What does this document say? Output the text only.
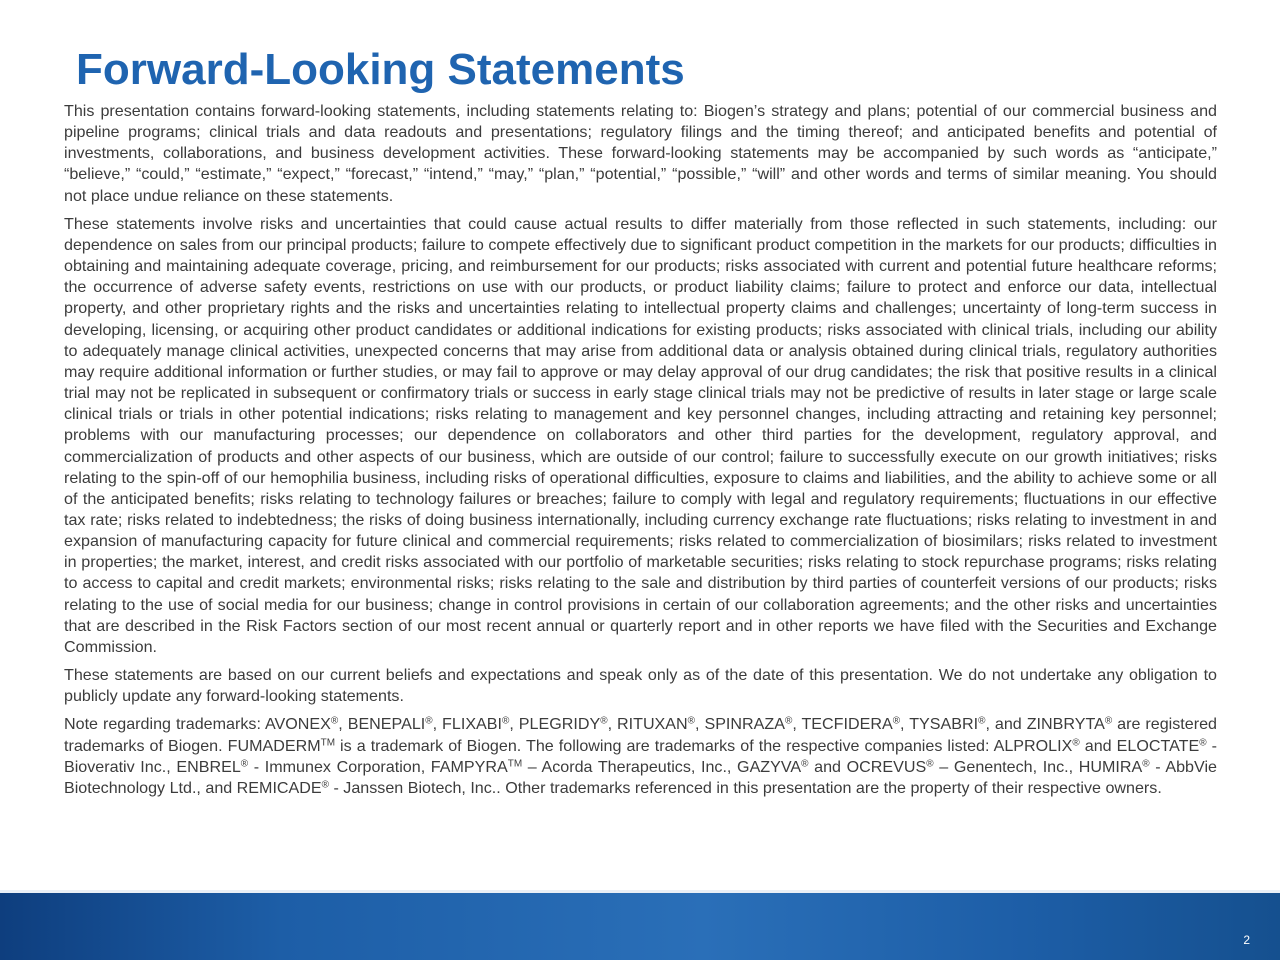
Forward-Looking Statements

This presentation contains forward-looking statements, including statements relating to: Biogen’s strategy and plans; potential of our commercial business and pipeline programs; clinical trials and data readouts and presentations; regulatory filings and the timing thereof; and anticipated benefits and potential of investments, collaborations, and business development activities. These forward-looking statements may be accompanied by such words as “anticipate,” “believe,” “could,” “estimate,” “expect,” “forecast,” “intend,” “may,” “plan,” “potential,” “possible,” “will” and other words and terms of similar meaning. You should not place undue reliance on these statements.

These statements involve risks and uncertainties that could cause actual results to differ materially from those reflected in such statements, including: our dependence on sales from our principal products; failure to compete effectively due to significant product competition in the markets for our products; difficulties in obtaining and maintaining adequate coverage, pricing, and reimbursement for our products; risks associated with current and potential future healthcare reforms; the occurrence of adverse safety events, restrictions on use with our products, or product liability claims; failure to protect and enforce our data, intellectual property, and other proprietary rights and the risks and uncertainties relating to intellectual property claims and challenges; uncertainty of long-term success in developing, licensing, or acquiring other product candidates or additional indications for existing products; risks associated with clinical trials, including our ability to adequately manage clinical activities, unexpected concerns that may arise from additional data or analysis obtained during clinical trials, regulatory authorities may require additional information or further studies, or may fail to approve or may delay approval of our drug candidates; the risk that positive results in a clinical trial may not be replicated in subsequent or confirmatory trials or success in early stage clinical trials may not be predictive of results in later stage or large scale clinical trials or trials in other potential indications; risks relating to management and key personnel changes, including attracting and retaining key personnel; problems with our manufacturing processes; our dependence on collaborators and other third parties for the development, regulatory approval, and commercialization of products and other aspects of our business, which are outside of our control; failure to successfully execute on our growth initiatives; risks relating to the spin-off of our hemophilia business, including risks of operational difficulties, exposure to claims and liabilities, and the ability to achieve some or all of the anticipated benefits; risks relating to technology failures or breaches; failure to comply with legal and regulatory requirements; fluctuations in our effective tax rate; risks related to indebtedness; the risks of doing business internationally, including currency exchange rate fluctuations; risks relating to investment in and expansion of manufacturing capacity for future clinical and commercial requirements; risks related to commercialization of biosimilars; risks related to investment in properties; the market, interest, and credit risks associated with our portfolio of marketable securities; risks relating to stock repurchase programs; risks relating to access to capital and credit markets; environmental risks; risks relating to the sale and distribution by third parties of counterfeit versions of our products; risks relating to the use of social media for our business; change in control provisions in certain of our collaboration agreements; and the other risks and uncertainties that are described in the Risk Factors section of our most recent annual or quarterly report and in other reports we have filed with the Securities and Exchange Commission.

These statements are based on our current beliefs and expectations and speak only as of the date of this presentation. We do not undertake any obligation to publicly update any forward-looking statements.

Note regarding trademarks: AVONEX®, BENEPALI®, FLIXABI®, PLEGRIDY®, RITUXAN®, SPINRAZA®, TECFIDERA®, TYSABRI®, and ZINBRYTA® are registered trademarks of Biogen. FUMADERM™ is a trademark of Biogen. The following are trademarks of the respective companies listed: ALPROLIX® and ELOCTATE® - Bioverativ Inc., ENBREL® - Immunex Corporation, FAMPYRA™ – Acorda Therapeutics, Inc., GAZYVA® and OCREVUS® – Genentech, Inc., HUMIRA® - AbbVie Biotechnology Ltd., and REMICADE® - Janssen Biotech, Inc.. Other trademarks referenced in this presentation are the property of their respective owners.

2
